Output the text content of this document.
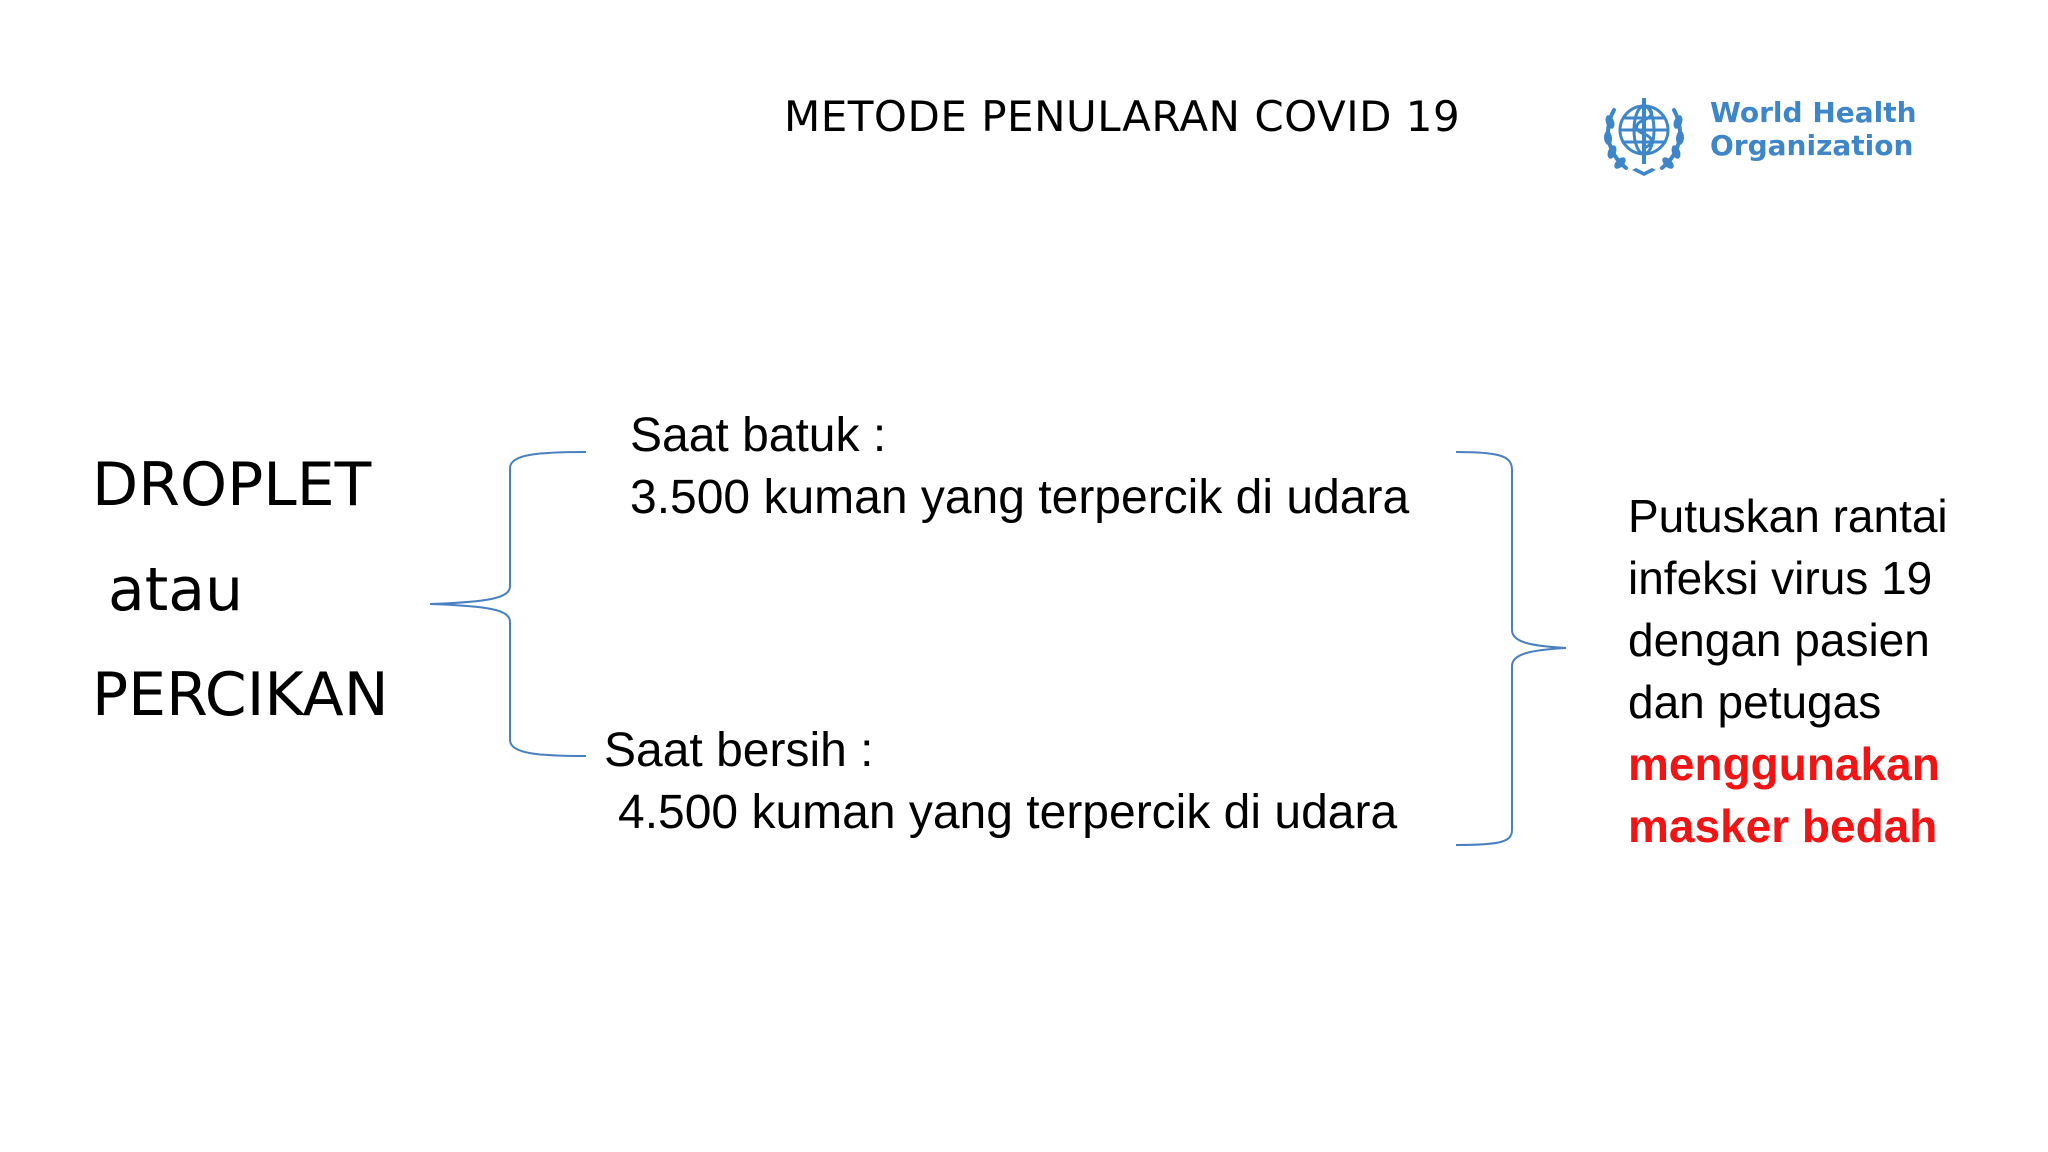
METODE PENULARAN COVID 19	World Health
Organization
DROPLET
atau
PERCIKAN
Saat batuk :
3.500 kuman yang terpercik di udara
Saat bersih :
4.500 kuman yang terpercik di udara
Putuskan rantai
infeksi virus 19
dengan pasien
dan petugas
menggunakan
masker bedah
